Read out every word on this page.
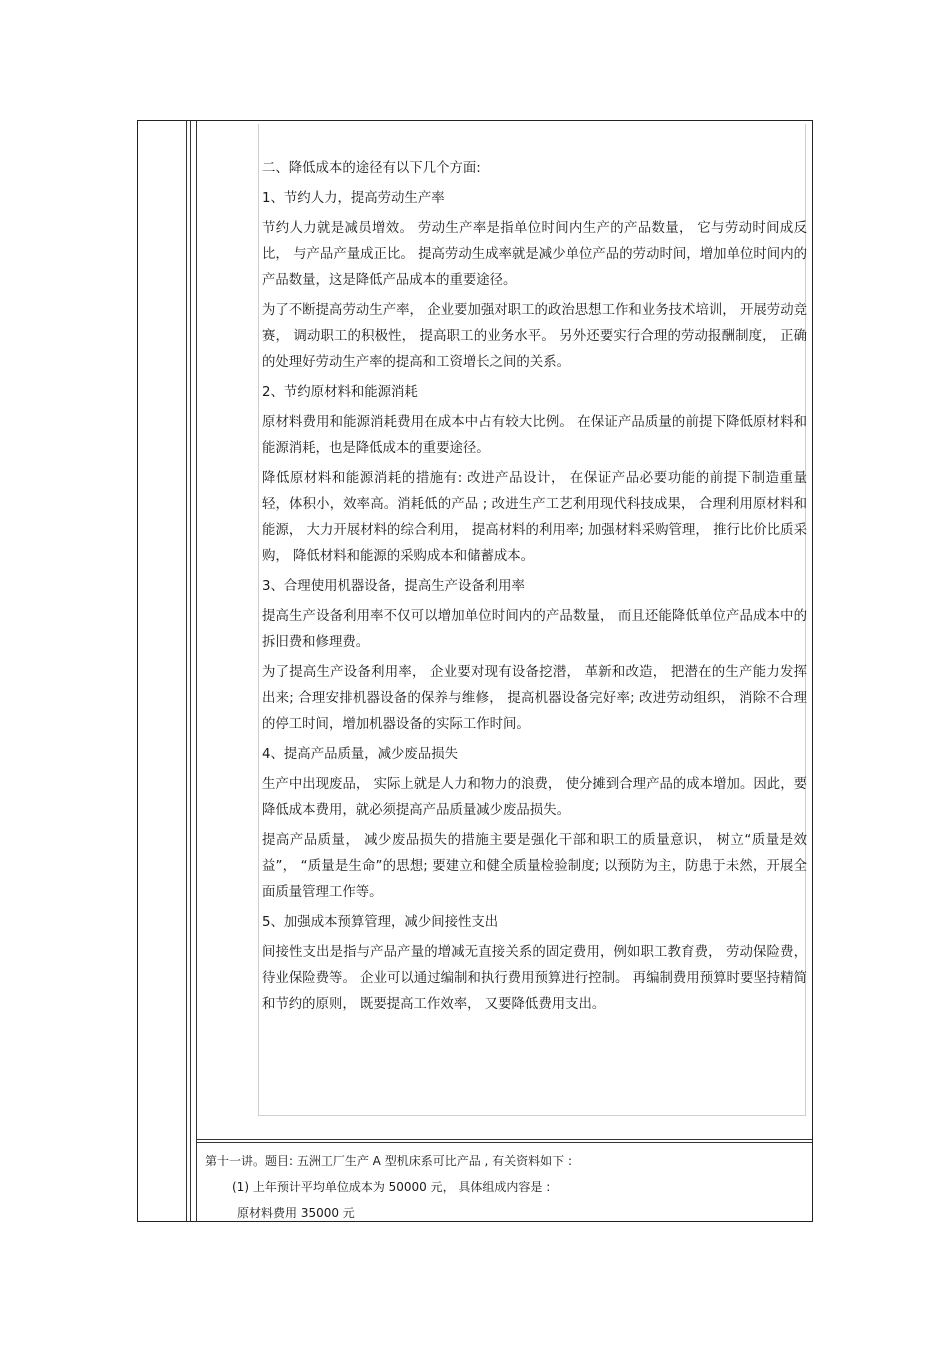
二、降低成本的途径有以下几个方面:
1、节约人力，提高劳动生产率

节约人力就是减员增效。 劳动生产率是指单位时间内生产的产品数量， 它与劳动时间成反比， 与产品产量成正比。 提高劳动生成率就是减少单位产品的劳动时间，增加单位时间内的产品数量，这是降低产品成本的重要途径。

为了不断提高劳动生产率， 企业要加强对职工的政治思想工作和业务技术培训， 开展劳动竞赛， 调动职工的积极性， 提高职工的业务水平。 另外还要实行合理的劳动报酬制度， 正确的处理好劳动生产率的提高和工资增长之间的关系。

2、节约原材料和能源消耗

原材料费用和能源消耗费用在成本中占有较大比例。 在保证产品质量的前提下降低原材料和能源消耗，也是降低成本的重要途径。

降低原材料和能源消耗的措施有: 改进产品设计， 在保证产品必要功能的前提下制造重量轻，体积小，效率高。消耗低的产品 ; 改进生产工艺利用现代科技成果， 合理利用原材料和能源， 大力开展材料的综合利用， 提高材料的利用率; 加强材料采购管理， 推行比价比质采购， 降低材料和能源的采购成本和储蓄成本。

3、合理使用机器设备，提高生产设备利用率

提高生产设备利用率不仅可以增加单位时间内的产品数量， 而且还能降低单位产品成本中的拆旧费和修理费。

为了提高生产设备利用率， 企业要对现有设备挖潜， 革新和改造， 把潜在的生产能力发挥出来; 合理安排机器设备的保养与维修， 提高机器设备完好率; 改进劳动组织， 消除不合理的停工时间，增加机器设备的实际工作时间。

4、提高产品质量，减少废品损失

生产中出现废品， 实际上就是人力和物力的浪费， 使分摊到合理产品的成本增加。因此，要降低成本费用，就必须提高产品质量减少废品损失。

提高产品质量， 减少废品损失的措施主要是强化干部和职工的质量意识， 树立“质量是效益”， “质量是生命”的思想; 要建立和健全质量检验制度; 以预防为主，防患于未然，开展全面质量管理工作等。

5、加强成本预算管理，减少间接性支出

间接性支出是指与产品产量的增减无直接关系的固定费用，例如职工教育费， 劳动保险费， 待业保险费等。 企业可以通过编制和执行费用预算进行控制。 再编制费用预算时要坚持精简和节约的原则， 既要提高工作效率， 又要降低费用支出。

第十一讲。题目: 五洲工厂生产 A 型机床系可比产品 , 有关资料如下 :
(1) 上年预计平均单位成本为 50000 元， 具体组成内容是 :
原材料费用 35000 元
